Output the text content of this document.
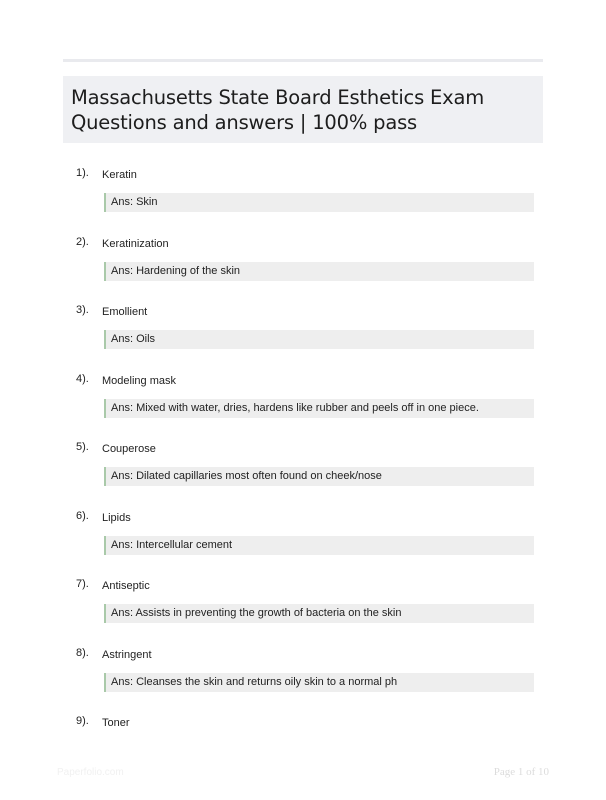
Massachusetts State Board Esthetics Exam
Questions and answers | 100% pass
1). Keratin
Ans: Skin
2). Keratinization
Ans: Hardening of the skin
3). Emollient
Ans: Oils
4). Modeling mask
Ans: Mixed with water, dries, hardens like rubber and peels off in one piece.
5). Couperose
Ans: Dilated capillaries most often found on cheek/nose
6). Lipids
Ans: Intercellular cement
7). Antiseptic
Ans: Assists in preventing the growth of bacteria on the skin
8). Astringent
Ans: Cleanses the skin and returns oily skin to a normal ph
9). Toner
Paperfolio.com	Page 1 of 10
